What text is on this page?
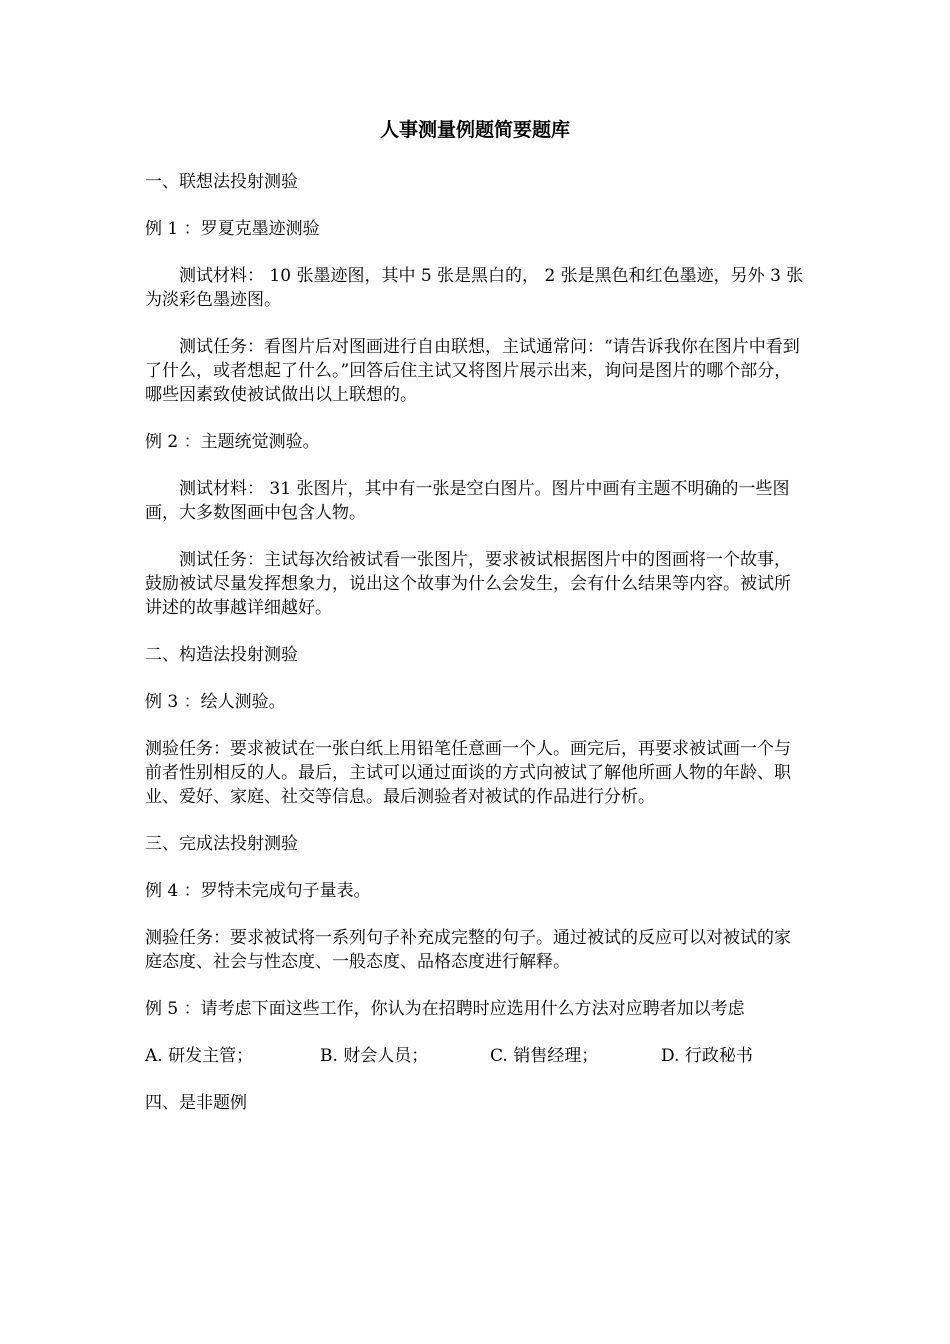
人事测量例题简要题库

一、联想法投射测验

例 1 ：罗夏克墨迹测验

测试材料： 10 张墨迹图，其中 5 张是黑白的， 2 张是黑色和红色墨迹，另外 3 张为淡彩色墨迹图。

测试任务：看图片后对图画进行自由联想，主试通常问：“请告诉我你在图片中看到了什么，或者想起了什么。”回答后住主试又将图片展示出来，询问是图片的哪个部分，哪些因素致使被试做出以上联想的。

例 2 ：主题统觉测验。

测试材料： 31 张图片，其中有一张是空白图片。图片中画有主题不明确的一些图画，大多数图画中包含人物。

测试任务：主试每次给被试看一张图片，要求被试根据图片中的图画将一个故事，鼓励被试尽量发挥想象力，说出这个故事为什么会发生，会有什么结果等内容。被试所讲述的故事越详细越好。

二、构造法投射测验

例 3 ：绘人测验。

测验任务：要求被试在一张白纸上用铅笔任意画一个人。画完后，再要求被试画一个与前者性别相反的人。最后，主试可以通过面谈的方式向被试了解他所画人物的年龄、职业、爱好、家庭、社交等信息。最后测验者对被试的作品进行分析。

三、完成法投射测验

例 4 ：罗特未完成句子量表。

测验任务：要求被试将一系列句子补充成完整的句子。通过被试的反应可以对被试的家庭态度、社会与性态度、一般态度、品格态度进行解释。

例 5 ：请考虑下面这些工作，你认为在招聘时应选用什么方法对应聘者加以考虑

A. 研发主管；	B. 财会人员；	C. 销售经理；	D. 行政秘书

四、是非题例
